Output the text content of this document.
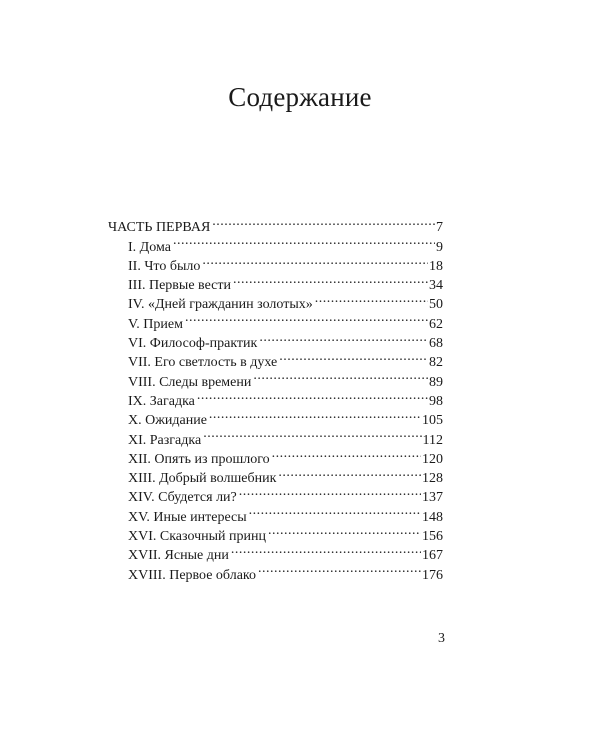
Содержание
ЧАСТЬ ПЕРВАЯ .....	7
I. Дома .....	9
II. Что было .....	18
III. Первые вести .....	34
IV. «Дней гражданин золотых» .....	50
V. Прием .....	62
VI. Философ-практик .....	68
VII. Его светлость в духе .....	82
VIII. Следы времени .....	89
IX. Загадка .....	98
X. Ожидание .....	105
XI. Разгадка .....	112
XII. Опять из прошлого .....	120
XIII. Добрый волшебник .....	128
XIV. Сбудется ли? .....	137
XV. Иные интересы .....	148
XVI. Сказочный принц .....	156
XVII. Ясные дни .....	167
XVIII. Первое облако .....	176
3
